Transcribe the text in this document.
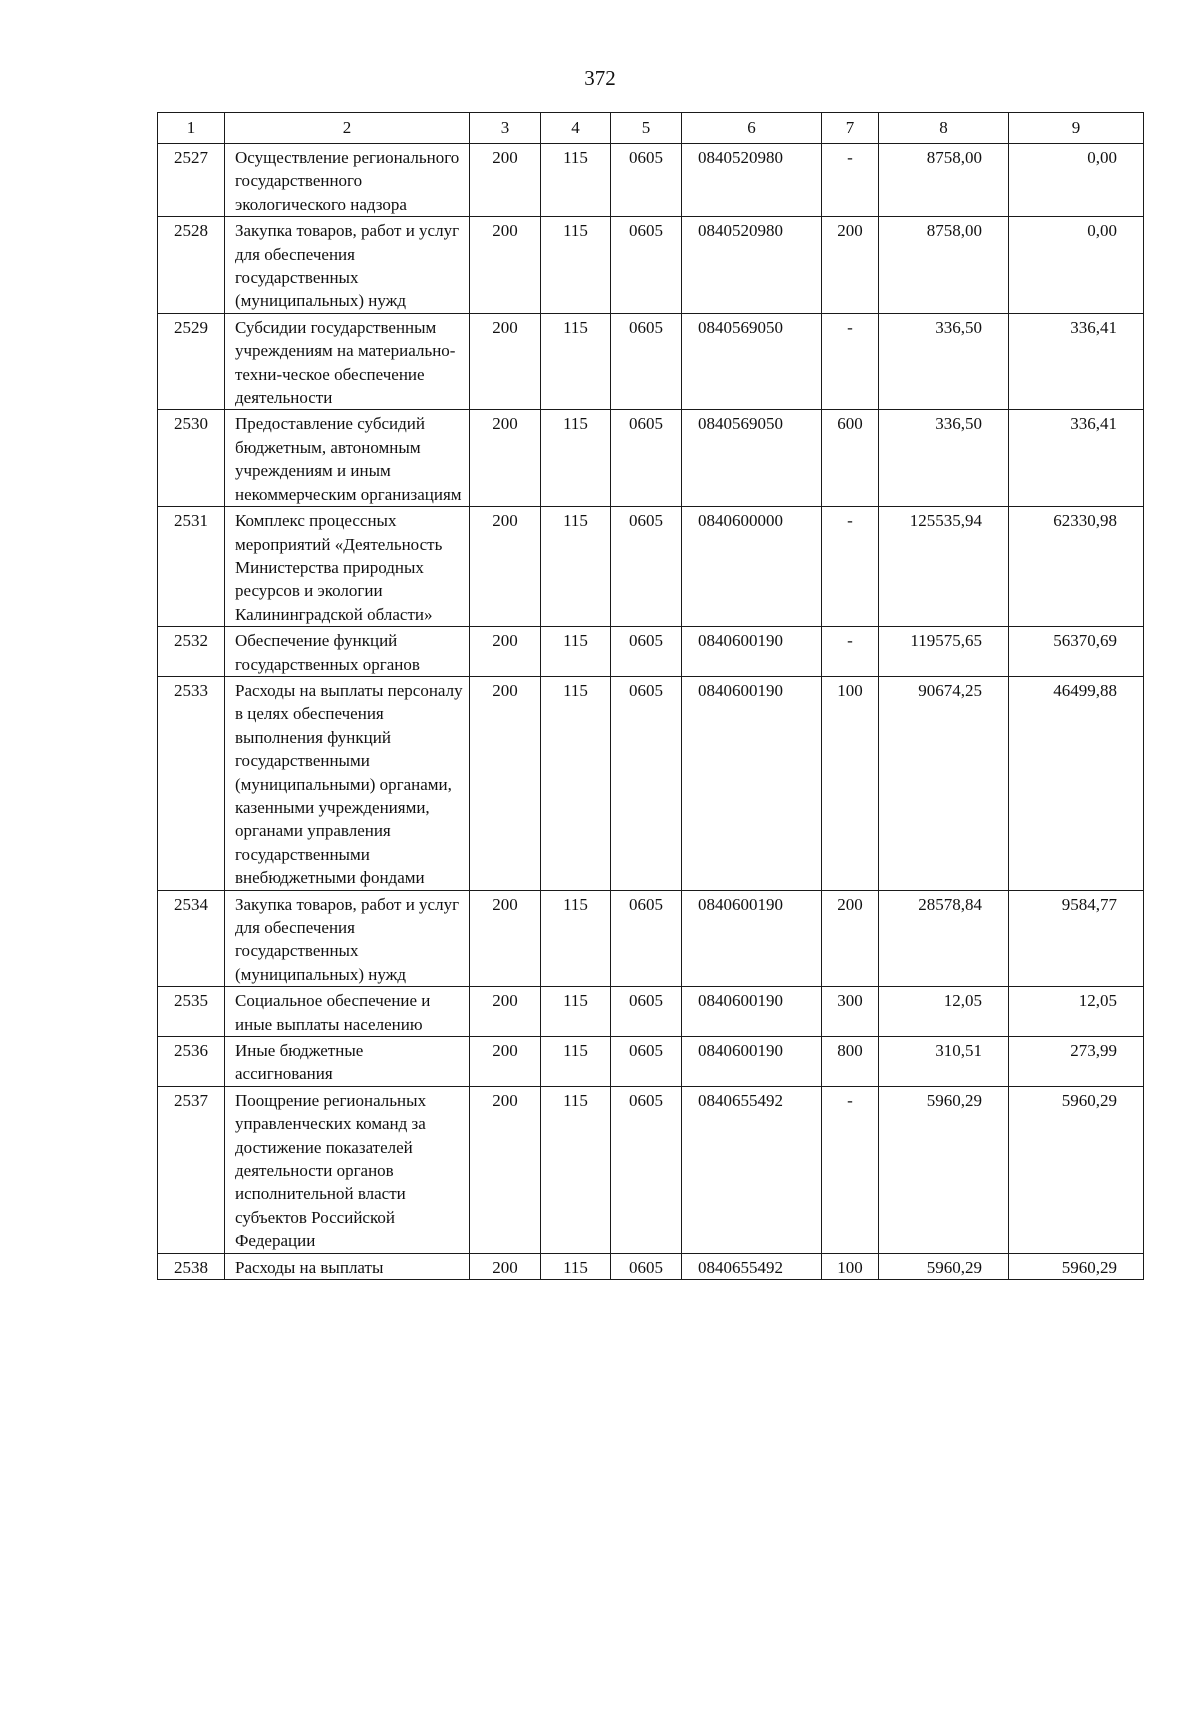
372
1	2	3	4	5	6	7	8	9
2527	Осуществление регионального государственного экологического надзора	200	115	0605	0840520980	-	8758,00	0,00
2528	Закупка товаров, работ и услуг для обеспечения государственных (муниципальных) нужд	200	115	0605	0840520980	200	8758,00	0,00
2529	Субсидии государственным учреждениям на материально-техни-ческое обеспечение деятельности	200	115	0605	0840569050	-	336,50	336,41
2530	Предоставление субсидий бюджетным, автономным учреждениям и иным некоммерческим организациям	200	115	0605	0840569050	600	336,50	336,41
2531	Комплекс процессных мероприятий «Деятельность Министерства природных ресурсов и экологии Калининградской области»	200	115	0605	0840600000	-	125535,94	62330,98
2532	Обеспечение функций государственных органов	200	115	0605	0840600190	-	119575,65	56370,69
2533	Расходы на выплаты персоналу в целях обеспечения выполнения функций государственными (муниципальными) органами, казенными учреждениями, органами управления государственными внебюджетными фондами	200	115	0605	0840600190	100	90674,25	46499,88
2534	Закупка товаров, работ и услуг для обеспечения государственных (муниципальных) нужд	200	115	0605	0840600190	200	28578,84	9584,77
2535	Социальное обеспечение и иные выплаты населению	200	115	0605	0840600190	300	12,05	12,05
2536	Иные бюджетные ассигнования	200	115	0605	0840600190	800	310,51	273,99
2537	Поощрение региональных управленческих команд за достижение показателей деятельности органов исполнительной власти субъектов Российской Федерации	200	115	0605	0840655492	-	5960,29	5960,29
2538	Расходы на выплаты	200	115	0605	0840655492	100	5960,29	5960,29
